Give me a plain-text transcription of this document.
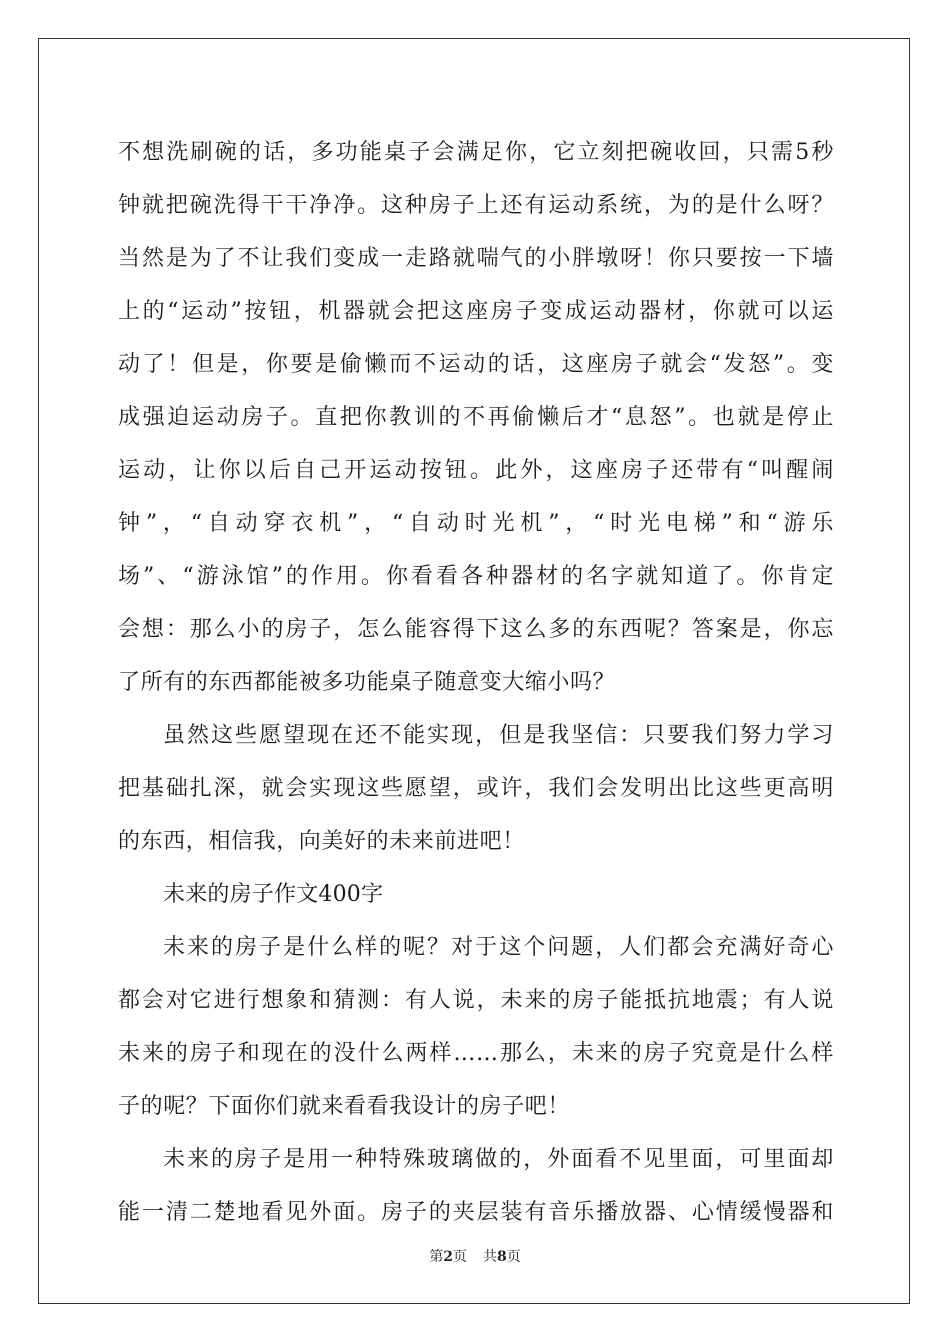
不想洗刷碗的话，多功能桌子会满足你，它立刻把碗收回，只需5秒
钟就把碗洗得干干净净。这种房子上还有运动系统，为的是什么呀？
当然是为了不让我们变成一走路就喘气的小胖墩呀！你只要按一下墙
上的“运动”按钮，机器就会把这座房子变成运动器材，你就可以运
动了！但是，你要是偷懒而不运动的话，这座房子就会“发怒”。变
成强迫运动房子。直把你教训的不再偷懒后才“息怒”。也就是停止
运动，让你以后自己开运动按钮。此外，这座房子还带有“叫醒闹
钟”，“自动穿衣机”，“自动时光机”，“时光电梯”和“游乐
场”、“游泳馆”的作用。你看看各种器材的名字就知道了。你肯定
会想：那么小的房子，怎么能容得下这么多的东西呢？答案是，你忘
了所有的东西都能被多功能桌子随意变大缩小吗？
虽然这些愿望现在还不能实现，但是我坚信：只要我们努力学习
把基础扎深，就会实现这些愿望，或许，我们会发明出比这些更高明
的东西，相信我，向美好的未来前进吧！
未来的房子作文400字
未来的房子是什么样的呢？对于这个问题，人们都会充满好奇心
都会对它进行想象和猜测：有人说，未来的房子能抵抗地震；有人说
未来的房子和现在的没什么两样……那么，未来的房子究竟是什么样
子的呢？下面你们就来看看我设计的房子吧！
未来的房子是用一种特殊玻璃做的，外面看不见里面，可里面却
能一清二楚地看见外面。房子的夹层装有音乐播放器、心情缓慢器和
第2页 共8页
